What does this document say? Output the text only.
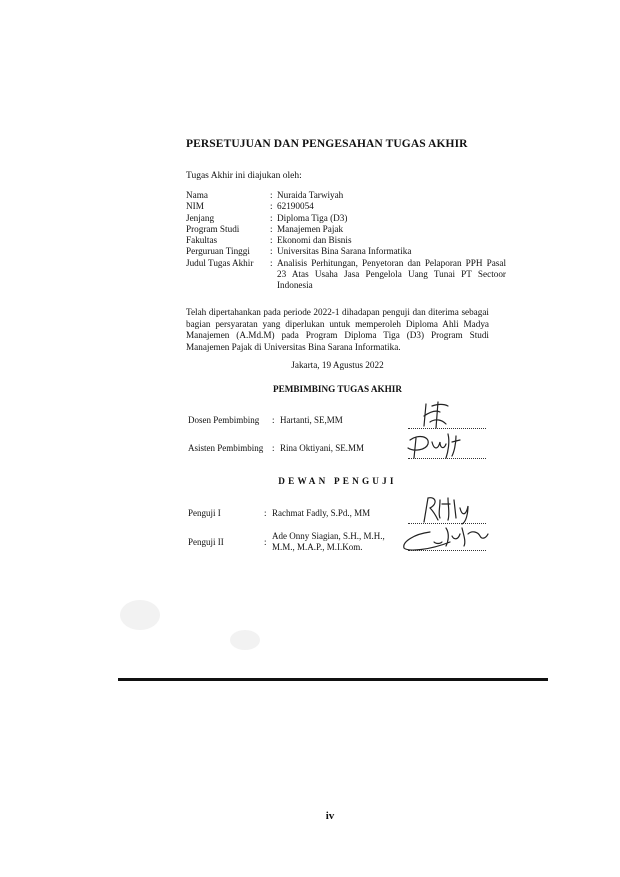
PERSETUJUAN DAN PENGESAHAN TUGAS AKHIR
Tugas Akhir ini diajukan oleh:
Nama	: Nuraida Tarwiyah
NIM	: 62190054
Jenjang	: Diploma Tiga (D3)
Program Studi	: Manajemen Pajak
Fakultas	: Ekonomi dan Bisnis
Perguruan Tinggi	: Universitas Bina Sarana Informatika
Judul Tugas Akhir	: Analisis Perhitungan, Penyetoran dan Pelaporan PPH Pasal 23 Atas Usaha Jasa Pengelola Uang Tunai PT Sectoor Indonesia
Telah dipertahankan pada periode 2022-1 dihadapan penguji dan diterima sebagai bagian persyaratan yang diperlukan untuk memperoleh Diploma Ahli Madya Manajemen (A.Md.M) pada Program Diploma Tiga (D3) Program Studi Manajemen Pajak di Universitas Bina Sarana Informatika.
Jakarta, 19 Agustus 2022
PEMBIMBING TUGAS AKHIR
Dosen Pembimbing : Hartanti, SE,MM
Asisten Pembimbing : Rina Oktiyani, SE.MM
DEWAN PENGUJI
Penguji I	: Rachmat Fadly, S.Pd., MM
Penguji II	:Ade Onny Siagian, S.H., M.H.,
M.M., M.A.P., M.I.Kom.
iv
